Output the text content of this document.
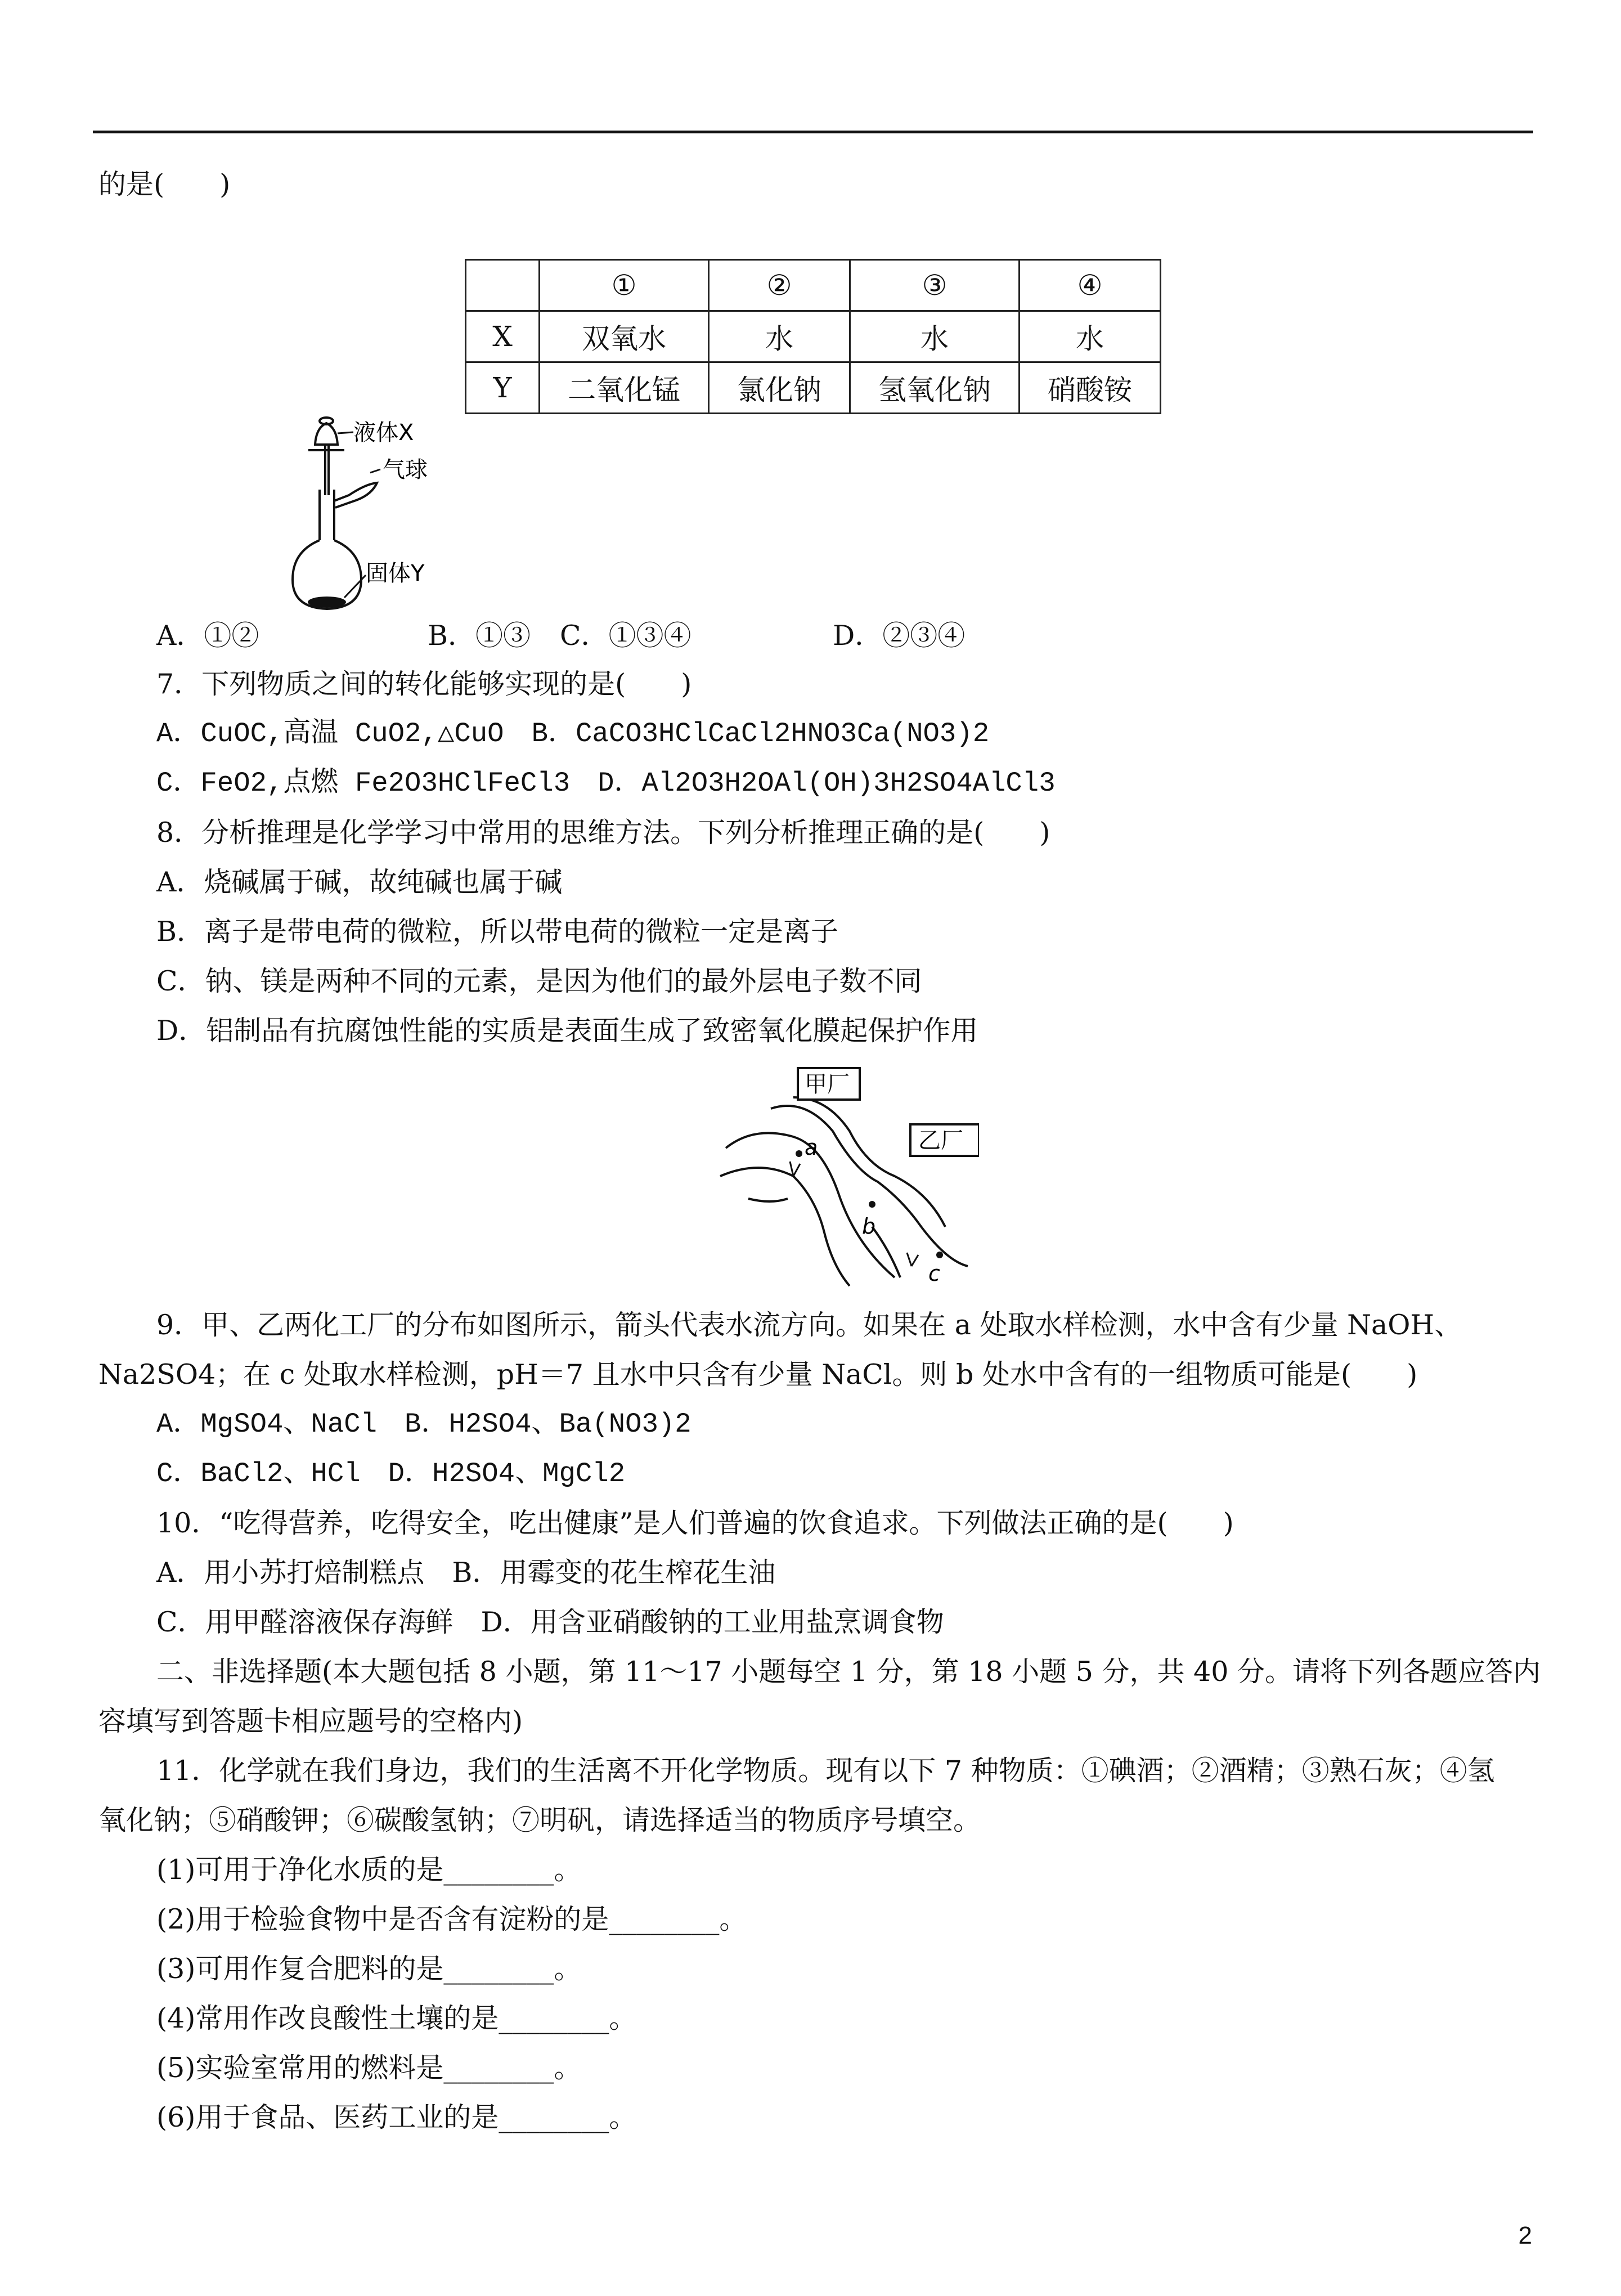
的是(　　)
	①	②	③	④
X	双氧水	水	水	水
Y	二氧化锰	氯化钠	氢氧化钠	硝酸铵
液体X
气球
固体Y
A．①②	B．①③ C．①③④	D．②③④
7．下列物质之间的转化能够实现的是(　　)
A．CuOC,高温 CuO2,△CuO　B．CaCO3HClCaCl2HNO3Ca(NO3)2
C．FeO2,点燃 Fe2O3HClFeCl3　D．Al2O3H2OAl(OH)3H2SO4AlCl3
8．分析推理是化学学习中常用的思维方法。下列分析推理正确的是(　　)
A．烧碱属于碱，故纯碱也属于碱
B．离子是带电荷的微粒，所以带电荷的微粒一定是离子
C．钠、镁是两种不同的元素，是因为他们的最外层电子数不同
D．铝制品有抗腐蚀性能的实质是表面生成了致密氧化膜起保护作用
甲厂
乙厂
a
b
c
9．甲、乙两化工厂的分布如图所示，箭头代表水流方向。如果在 a 处取水样检测，水中含有少量 NaOH、
Na2SO4；在 c 处取水样检测，pH＝7 且水中只含有少量 NaCl。则 b 处水中含有的一组物质可能是(　　)
A．MgSO4、NaCl　B．H2SO4、Ba(NO3)2
C．BaCl2、HCl　D．H2SO4、MgCl2
10．“吃得营养，吃得安全，吃出健康”是人们普遍的饮食追求。下列做法正确的是(　　)
A．用小苏打焙制糕点　B．用霉变的花生榨花生油
C．用甲醛溶液保存海鲜　D．用含亚硝酸钠的工业用盐烹调食物
二、非选择题(本大题包括 8 小题，第 11～17 小题每空 1 分，第 18 小题 5 分，共 40 分。请将下列各题应答内
容填写到答题卡相应题号的空格内)
11．化学就在我们身边，我们的生活离不开化学物质。现有以下 7 种物质：①碘酒；②酒精；③熟石灰；④氢
氧化钠；⑤硝酸钾；⑥碳酸氢钠；⑦明矾，请选择适当的物质序号填空。
(1)可用于净化水质的是________。
(2)用于检验食物中是否含有淀粉的是________。
(3)可用作复合肥料的是________。
(4)常用作改良酸性土壤的是________。
(5)实验室常用的燃料是________。
(6)用于食品、医药工业的是________。
2
